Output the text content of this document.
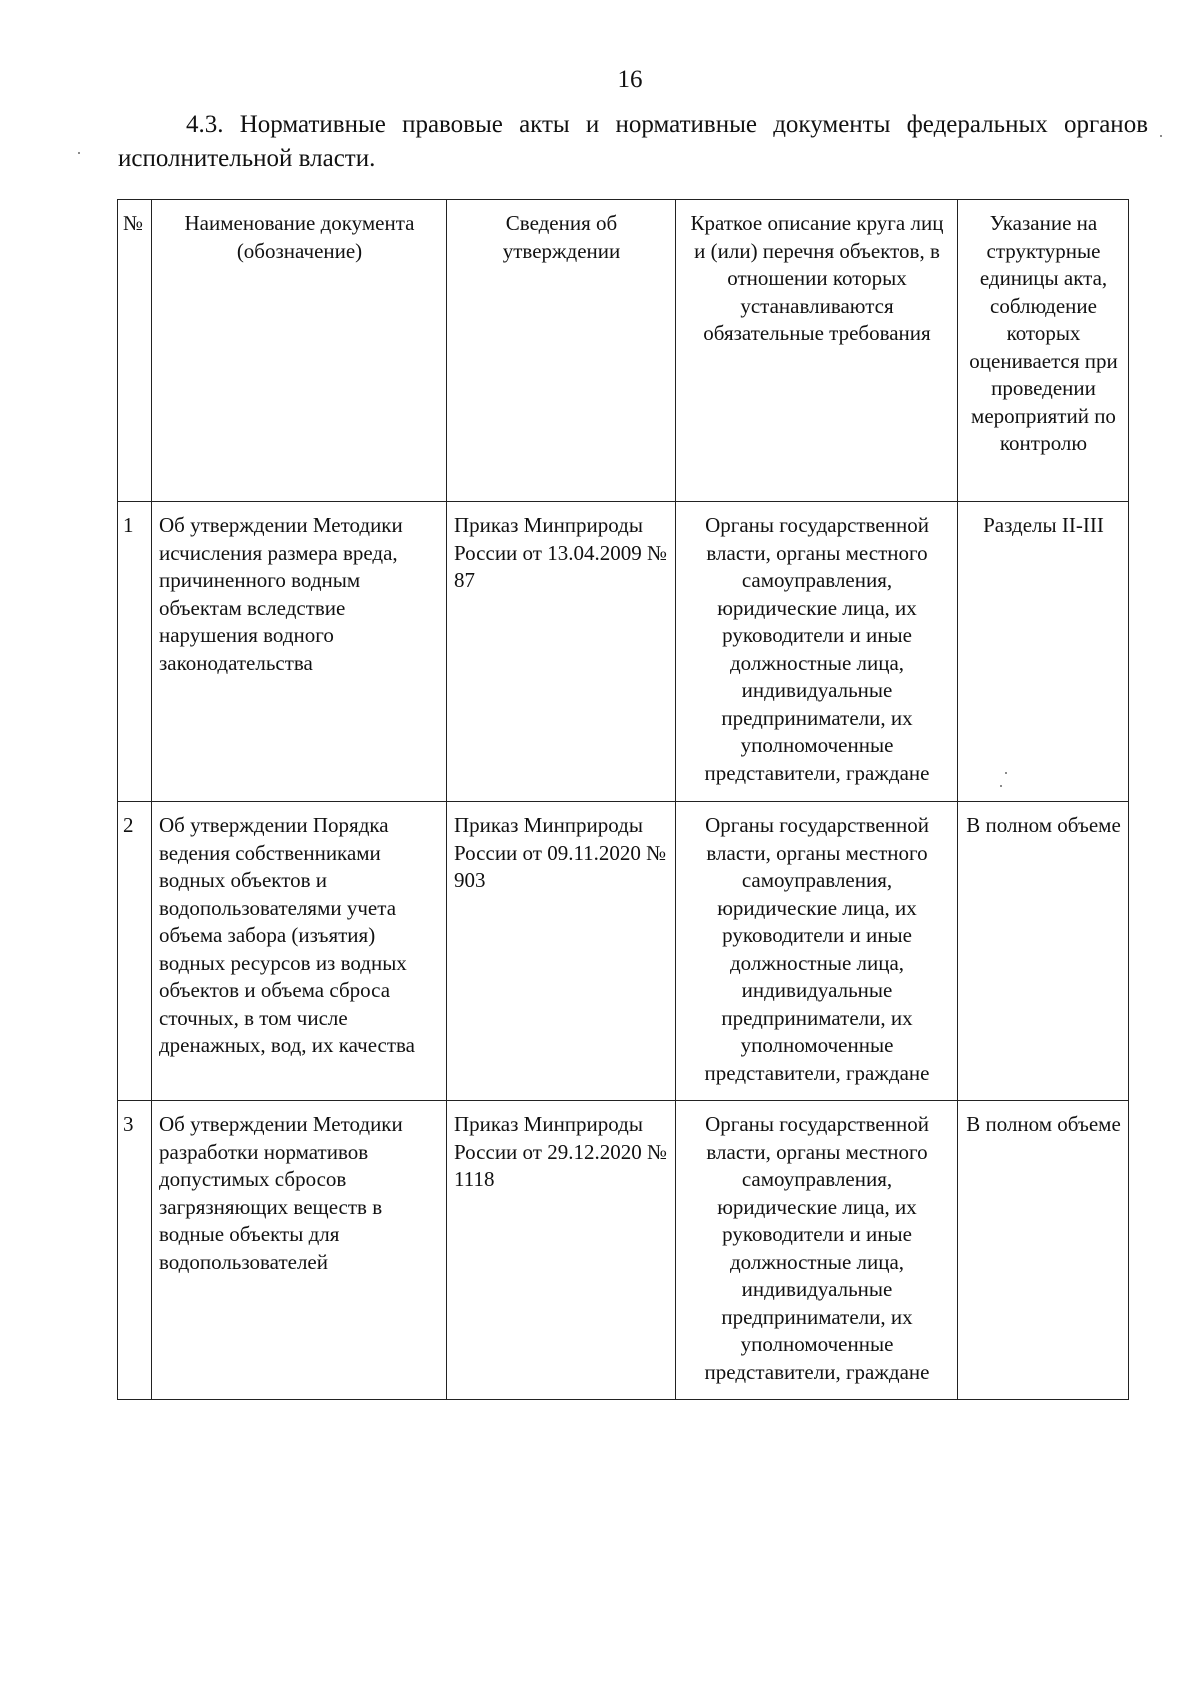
16
4.3. Нормативные правовые акты и нормативные документы федеральных органов исполнительной власти.
№	Наименование документа (обозначение)	Сведения об утверждении	Краткое описание круга лиц и (или) перечня объектов, в отношении которых устанавливаются обязательные требования	Указание на структурные единицы акта, соблюдение которых оценивается при проведении мероприятий по контролю
1	Об утверждении Методики исчисления размера вреда, причиненного водным объектам вследствие нарушения водного законодательства	Приказ Минприроды России от 13.04.2009 № 87	Органы государственной власти, органы местного самоуправления, юридические лица, их руководители и иные должностные лица, индивидуальные предприниматели, их уполномоченные представители, граждане	Разделы II-III
2	Об утверждении Порядка ведения собственниками водных объектов и водопользователями учета объема забора (изъятия) водных ресурсов из водных объектов и объема сброса сточных, в том числе дренажных, вод, их качества	Приказ Минприроды России от 09.11.2020 № 903	Органы государственной власти, органы местного самоуправления, юридические лица, их руководители и иные должностные лица, индивидуальные предприниматели, их уполномоченные представители, граждане	В полном объеме
3	Об утверждении Методики разработки нормативов допустимых сбросов загрязняющих веществ в водные объекты для водопользователей	Приказ Минприроды России от 29.12.2020 № 1118	Органы государственной власти, органы местного самоуправления, юридические лица, их руководители и иные должностные лица, индивидуальные предприниматели, их уполномоченные представители, граждане	В полном объеме
